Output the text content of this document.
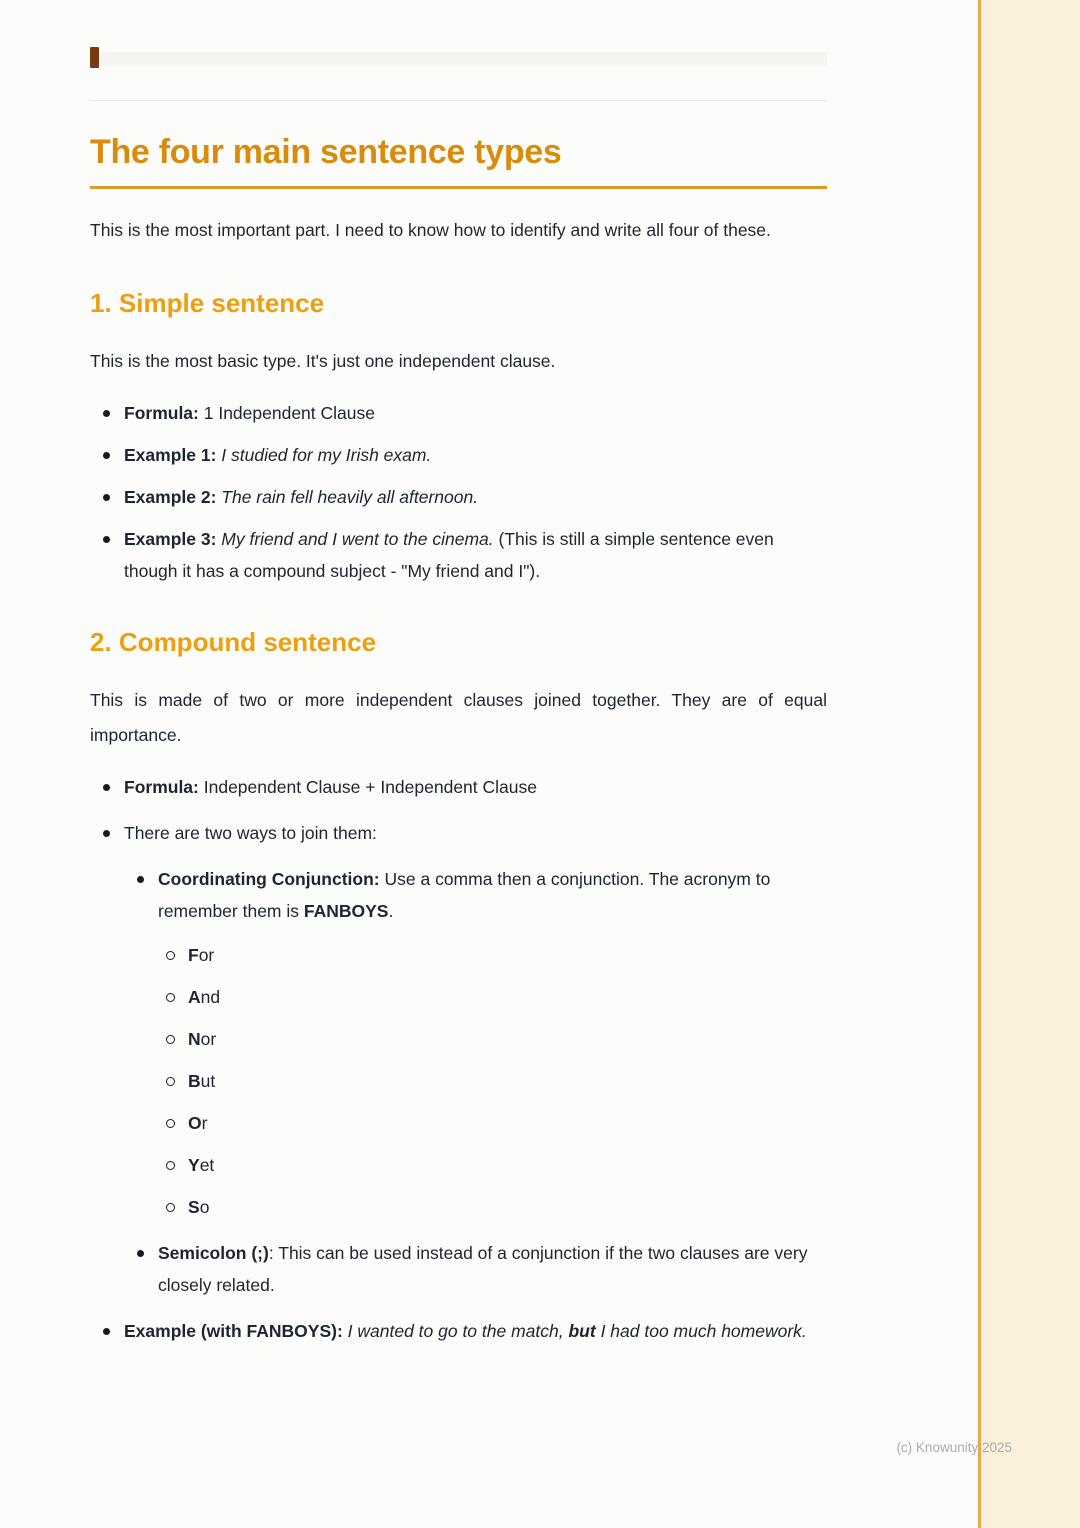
The four main sentence types

This is the most important part. I need to know how to identify and write all four of these.

1. Simple sentence

This is the most basic type. It's just one independent clause.

Formula: 1 Independent Clause
Example 1: I studied for my Irish exam.
Example 2: The rain fell heavily all afternoon.
Example 3: My friend and I went to the cinema. (This is still a simple sentence even though it has a compound subject - "My friend and I").
2. Compound sentence

This is made of two or more independent clauses joined together. They are of equal importance.

Formula: Independent Clause + Independent Clause
There are two ways to join them:
Coordinating Conjunction: Use a comma then a conjunction. The acronym to remember them is FANBOYS.
For
And
Nor
But
Or
Yet
So
Semicolon (;): This can be used instead of a conjunction if the two clauses are very closely related.
Example (with FANBOYS): I wanted to go to the match, but I had too much homework.
(c) Knowunity 2025
